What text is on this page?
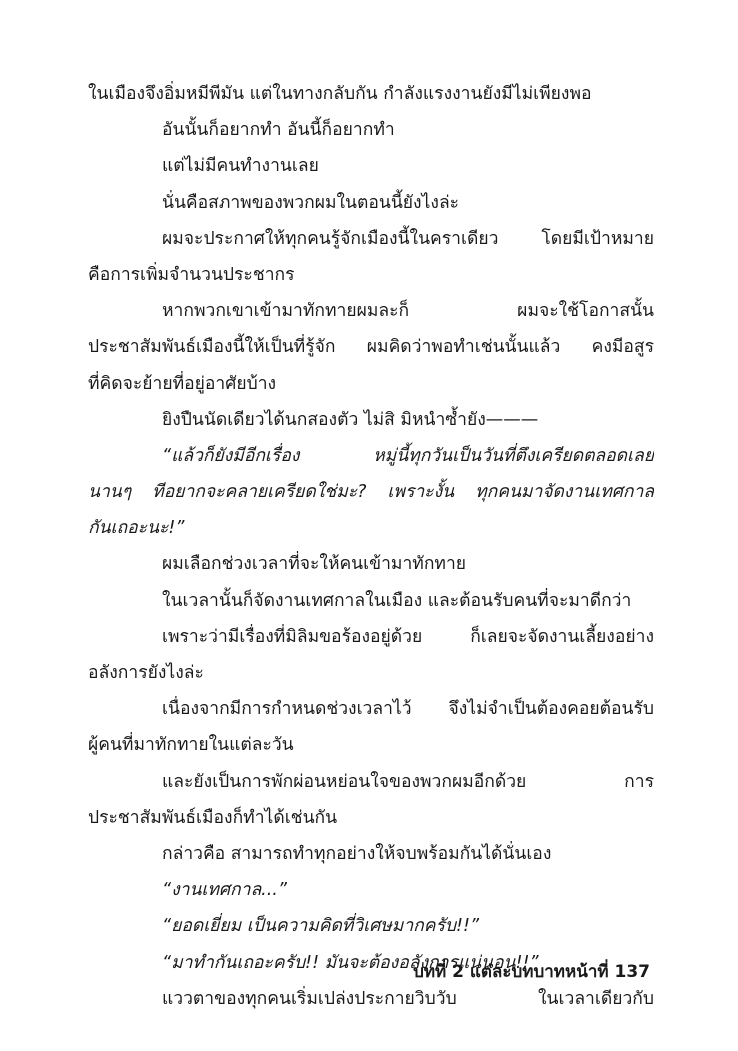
ในเมืองจึงอิ่มหมีพีมัน แต่ในทางกลับกัน กำลังแรงงานยังมีไม่เพียงพอ
อันนั้นก็อยากทำ อันนี้ก็อยากทำ
แต่ไม่มีคนทำงานเลย
นั่นคือสภาพของพวกผมในตอนนี้ยังไงล่ะ
ผมจะประกาศให้ทุกคนรู้จักเมืองนี้ในคราเดียว โดยมีเป้าหมาย
คือการเพิ่มจำนวนประชากร
หากพวกเขาเข้ามาทักทายผมละก็ ผมจะใช้โอกาสนั้น
ประชาสัมพันธ์เมืองนี้ให้เป็นที่รู้จัก ผมคิดว่าพอทำเช่นนั้นแล้ว คงมีอสูร
ที่คิดจะย้ายที่อยู่อาศัยบ้าง
ยิงปืนนัดเดียวได้นกสองตัว ไม่สิ มิหนำซ้ำยัง———
“แล้วก็ยังมีอีกเรื่อง หมู่นี้ทุกวันเป็นวันที่ตึงเครียดตลอดเลย
นานๆ ทีอยากจะคลายเครียดใช่มะ? เพราะงั้น ทุกคนมาจัดงานเทศกาล
กันเถอะนะ!”
ผมเลือกช่วงเวลาที่จะให้คนเข้ามาทักทาย
ในเวลานั้นก็จัดงานเทศกาลในเมือง และต้อนรับคนที่จะมาดีกว่า
เพราะว่ามีเรื่องที่มิลิมขอร้องอยู่ด้วย ก็เลยจะจัดงานเลี้ยงอย่าง
อลังการยังไงล่ะ
เนื่องจากมีการกำหนดช่วงเวลาไว้ จึงไม่จำเป็นต้องคอยต้อนรับ
ผู้คนที่มาทักทายในแต่ละวัน
และยังเป็นการพักผ่อนหย่อนใจของพวกผมอีกด้วย การ
ประชาสัมพันธ์เมืองก็ทำได้เช่นกัน
กล่าวคือ สามารถทำทุกอย่างให้จบพร้อมกันได้นั่นเอง
“งานเทศกาล...”
“ยอดเยี่ยม เป็นความคิดที่วิเศษมากครับ!!”
“มาทำกันเถอะครับ!! มันจะต้องอลังการแน่นอน!!”
แววตาของทุกคนเริ่มเปล่งประกายวิบวับ ในเวลาเดียวกับ
บทที่ 2 แต่ละบทบาทหน้าที่ 137
